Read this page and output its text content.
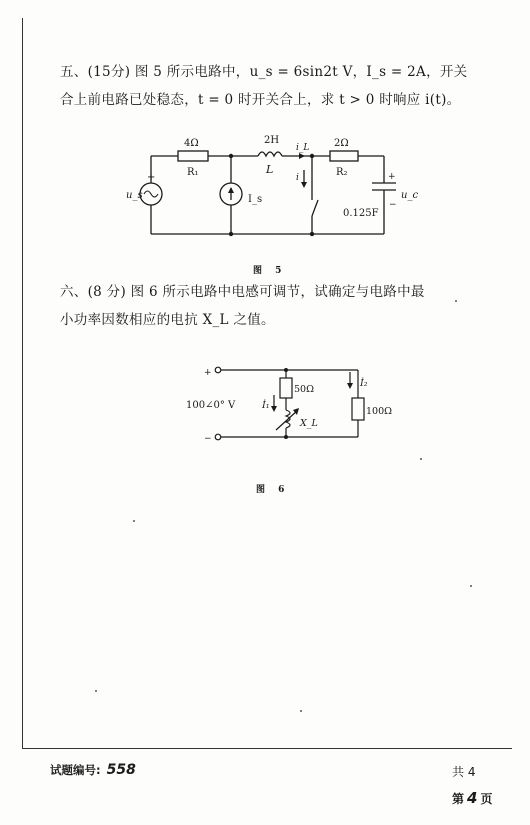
五、(15分) 图 5 所示电路中，u_s = 6sin2t V，I_s = 2A，开关
合上前电路已处稳态，t = 0 时开关合上，求 t > 0 时响应 i(t)。
4Ω
R₁
2H
L
i_L
i
2Ω
R₂
u_s
+
I_s	u_c
+
−
0.125F
图 5
六、(8 分) 图 6 所示电路中电感可调节，试确定与电路中最
小功率因数相应的电抗 X_L 之值。
+
−
100∠0° V
50Ω
100Ω
İ₁
İ₂
X_L
图 6
试题编号: 558	共 4
第 4 页
